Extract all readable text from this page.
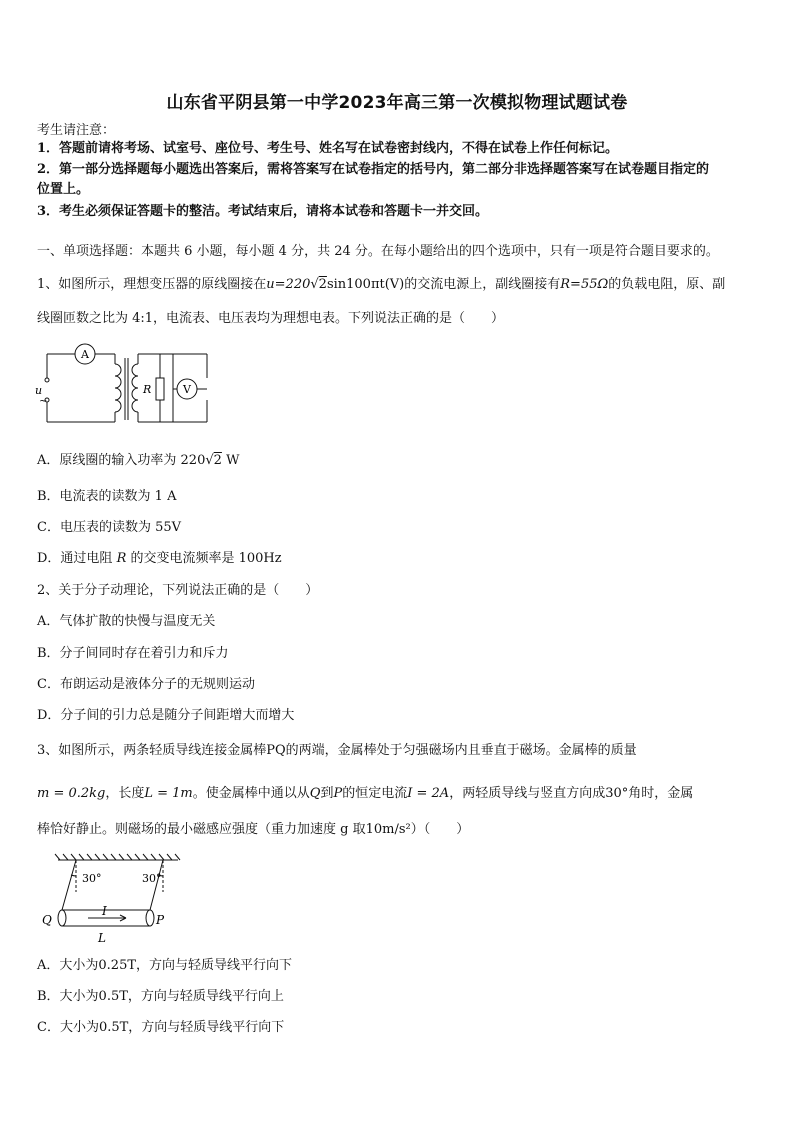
山东省平阴县第一中学2023年高三第一次模拟物理试题试卷
考生请注意：
1．答题前请将考场、试室号、座位号、考生号、姓名写在试卷密封线内，不得在试卷上作任何标记。
2．第一部分选择题每小题选出答案后，需将答案写在试卷指定的括号内，第二部分非选择题答案写在试卷题目指定的
位置上。
3．考生必须保证答题卡的整洁。考试结束后，请将本试卷和答题卡一并交回。
一、单项选择题：本题共 6 小题，每小题 4 分，共 24 分。在每小题给出的四个选项中，只有一项是符合题目要求的。
1、如图所示，理想变压器的原线圈接在u=220√2sin100πt(V)的交流电源上，副线圈接有R=55Ω的负载电阻，原、副
线圈匝数之比为 4:1，电流表、电压表均为理想电表。下列说法正确的是（　　）
A
V
R
u
~
A．原线圈的输入功率为 220√2 W
B．电流表的读数为 1 A
C．电压表的读数为 55V
D．通过电阻 R 的交变电流频率是 100Hz
2、关于分子动理论，下列说法正确的是（　　）
A．气体扩散的快慢与温度无关
B．分子间同时存在着引力和斥力
C．布朗运动是液体分子的无规则运动
D．分子间的引力总是随分子间距增大而增大
3、如图所示，两条轻质导线连接金属棒PQ的两端，金属棒处于匀强磁场内且垂直于磁场。金属棒的质量
m = 0.2kg，长度L = 1m。使金属棒中通以从Q到P的恒定电流I = 2A，两轻质导线与竖直方向成30°角时，金属
棒恰好静止。则磁场的最小磁感应强度（重力加速度 g 取10m/s²）（　　）
30°	30°
Q	P
I
L
A．大小为0.25T，方向与轻质导线平行向下
B．大小为0.5T，方向与轻质导线平行向上
C．大小为0.5T，方向与轻质导线平行向下
